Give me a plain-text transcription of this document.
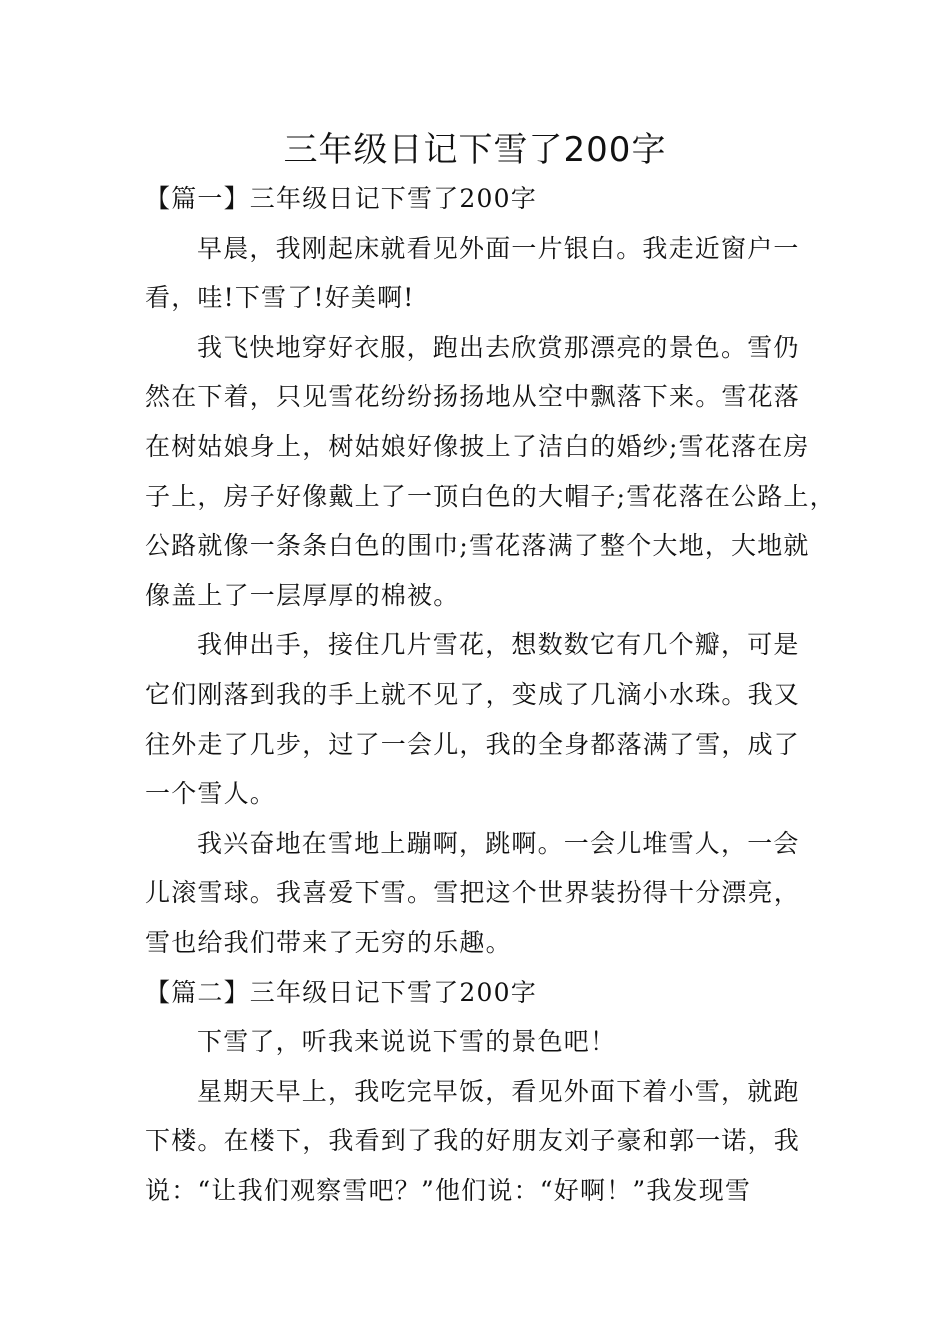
三年级日记下雪了200字
【篇一】三年级日记下雪了200字

早晨，我刚起床就看见外面一片银白。我走近窗户一
看，哇!下雪了!好美啊!

我飞快地穿好衣服，跑出去欣赏那漂亮的景色。雪仍
然在下着，只见雪花纷纷扬扬地从空中飘落下来。雪花落
在树姑娘身上，树姑娘好像披上了洁白的婚纱;雪花落在房
子上，房子好像戴上了一顶白色的大帽子;雪花落在公路上，
公路就像一条条白色的围巾;雪花落满了整个大地，大地就
像盖上了一层厚厚的棉被。

我伸出手，接住几片雪花，想数数它有几个瓣，可是
它们刚落到我的手上就不见了，变成了几滴小水珠。我又
往外走了几步，过了一会儿，我的全身都落满了雪，成了
一个雪人。

我兴奋地在雪地上蹦啊，跳啊。一会儿堆雪人，一会
儿滚雪球。我喜爱下雪。雪把这个世界装扮得十分漂亮，
雪也给我们带来了无穷的乐趣。

【篇二】三年级日记下雪了200字

下雪了，听我来说说下雪的景色吧！

星期天早上，我吃完早饭，看见外面下着小雪，就跑
下楼。在楼下，我看到了我的好朋友刘子豪和郭一诺，我
说：“让我们观察雪吧？”他们说：“好啊！”我发现雪
